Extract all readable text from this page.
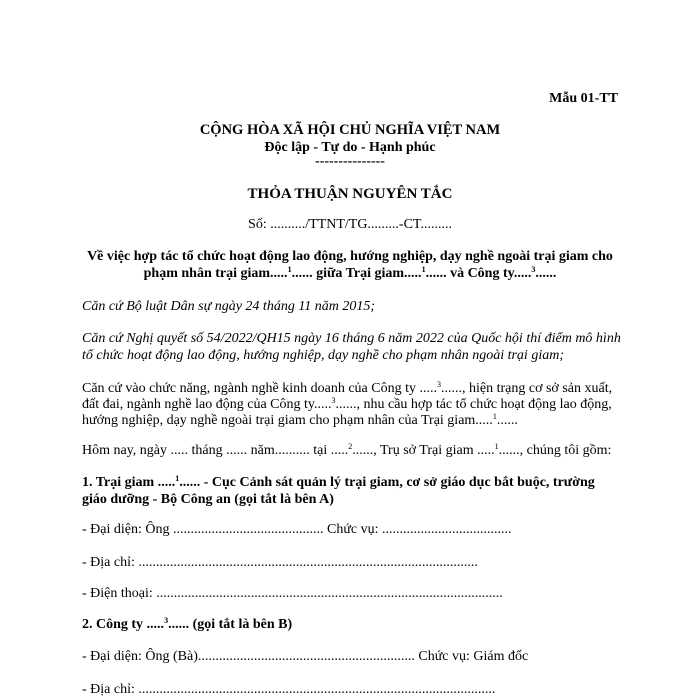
Mẫu 01-TT
CỘNG HÒA XÃ HỘI CHỦ NGHĨA VIỆT NAM
Độc lập - Tự do - Hạnh phúc
---------------
THỎA THUẬN NGUYÊN TẮC
Số: ........../TTNT/TG.........-CT.........
Về việc hợp tác tổ chức hoạt động lao động, hướng nghiệp, dạy nghề ngoài trại giam cho
phạm nhân trại giam.....$^1$...... giữa Trại giam.....$^1$...... và Công ty.....$^3$......
Căn cứ Bộ luật Dân sự ngày 24 tháng 11 năm 2015;
Căn cứ Nghị quyết số 54/2022/QH15 ngày 16 tháng 6 năm 2022 của Quốc hội thí điểm mô hình
tổ chức hoạt động lao động, hướng nghiệp, dạy nghề cho phạm nhân ngoài trại giam;
Căn cứ vào chức năng, ngành nghề kinh doanh của Công ty .....$^3$......, hiện trạng cơ sở sản xuất,
đất đai, ngành nghề lao động của Công ty.....$^3$......, nhu cầu hợp tác tổ chức hoạt động lao động,
hướng nghiệp, dạy nghề ngoài trại giam cho phạm nhân của Trại giam.....$^1$......
Hôm nay, ngày ..... tháng ...... năm.......... tại .....$^2$......, Trụ sở Trại giam .....$^1$......, chúng tôi gồm:
1. Trại giam .....$^1$...... - Cục Cảnh sát quản lý trại giam, cơ sở giáo dục bắt buộc, trường
giáo dưỡng - Bộ Công an (gọi tắt là bên A)
- Đại diện: Ông ........................................... Chức vụ: .....................................
- Địa chỉ: .................................................................................................
- Điện thoại: ...................................................................................................
2. Công ty .....$^3$...... (gọi tắt là bên B)
- Đại diện: Ông (Bà).............................................................. Chức vụ: Giám đốc
- Địa chỉ: ......................................................................................................
